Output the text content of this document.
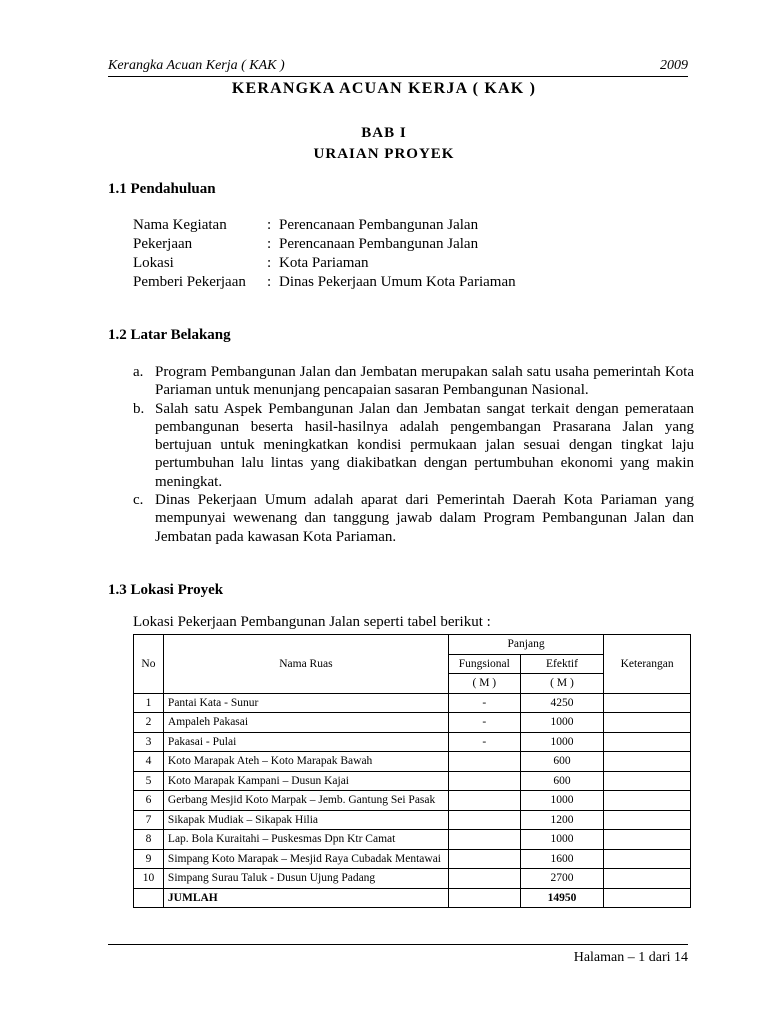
Kerangka Acuan Kerja ( KAK )	2009
KERANGKA ACUAN KERJA ( KAK )
BAB I
URAIAN PROYEK
1.1 Pendahuluan
Nama Kegiatan	: Perencanaan Pembangunan Jalan
Pekerjaan	: Perencanaan Pembangunan Jalan
Lokasi	: Kota Pariaman
Pemberi Pekerjaan	: Dinas Pekerjaan Umum Kota Pariaman
1.2 Latar Belakang
a. Program Pembangunan Jalan dan Jembatan merupakan salah satu usaha pemerintah Kota Pariaman untuk menunjang pencapaian sasaran Pembangunan Nasional.
b. Salah satu Aspek Pembangunan Jalan dan Jembatan sangat terkait dengan pemerataan pembangunan beserta hasil-hasilnya adalah pengembangan Prasarana Jalan yang bertujuan untuk meningkatkan kondisi permukaan jalan sesuai dengan tingkat laju pertumbuhan lalu lintas yang diakibatkan dengan pertumbuhan ekonomi yang makin meningkat.
c. Dinas Pekerjaan Umum adalah aparat dari Pemerintah Daerah Kota Pariaman yang mempunyai wewenang dan tanggung jawab dalam Program Pembangunan Jalan dan Jembatan pada kawasan Kota Pariaman.
1.3 Lokasi Proyek
Lokasi Pekerjaan Pembangunan Jalan seperti tabel berikut :
No	Nama Ruas	Panjang		Keterangan
		Fungsional	Efektif	
		( M )	( M )	
1	Pantai Kata - Sunur	-	4250	
2	Ampaleh Pakasai	-	1000	
3	Pakasai - Pulai	-	1000	
4	Koto Marapak Ateh – Koto Marapak Bawah		600	
5	Koto Marapak Kampani – Dusun Kajai		600	
6	Gerbang Mesjid Koto Marpak – Jemb. Gantung Sei Pasak		1000	
7	Sikapak Mudiak – Sikapak Hilia		1200	
8	Lap. Bola Kuraitahi – Puskesmas Dpn Ktr Camat		1000	
9	Simpang Koto Marapak – Mesjid Raya Cubadak Mentawai		1600	
10	Simpang Surau Taluk - Dusun Ujung Padang		2700	
	JUMLAH		14950	
Halaman – 1 dari 14
